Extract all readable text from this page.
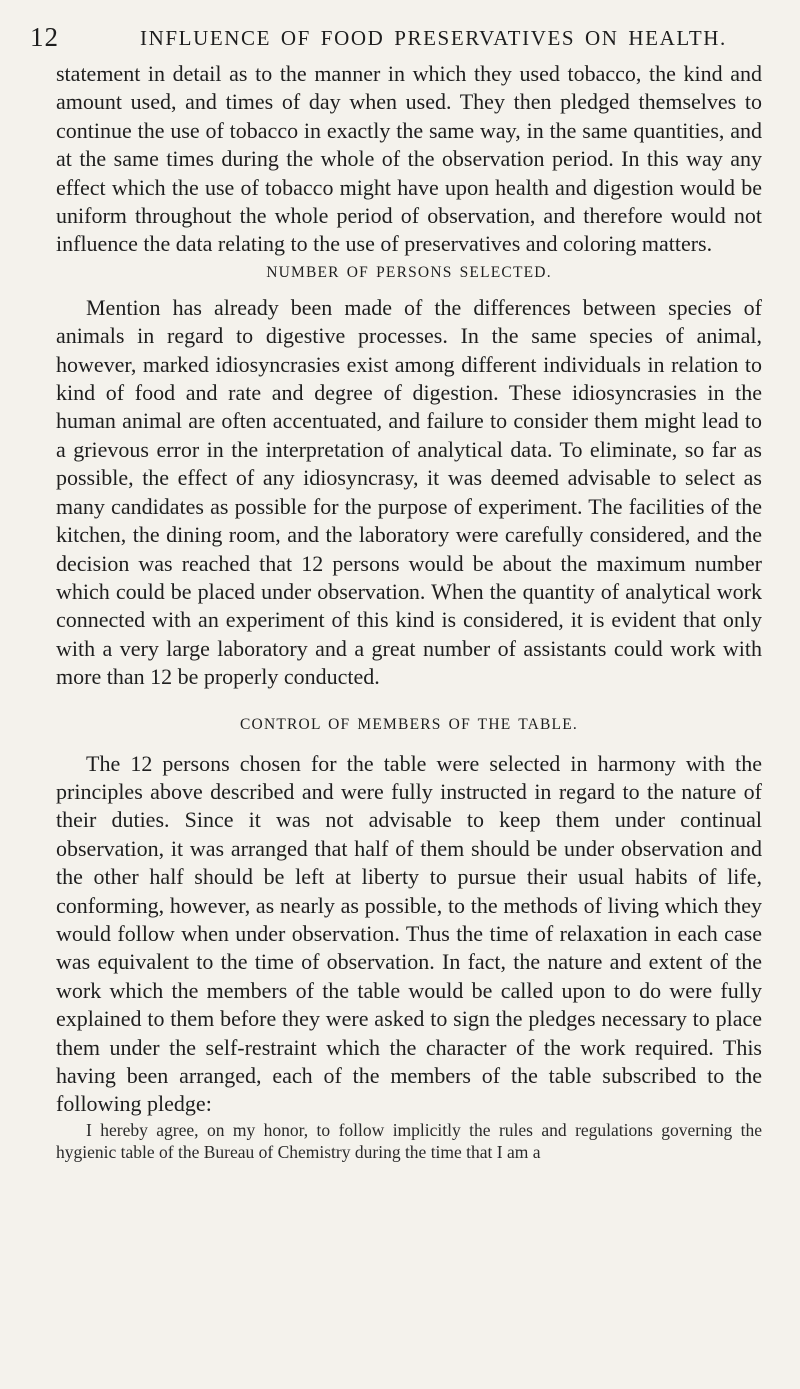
12	INFLUENCE OF FOOD PRESERVATIVES ON HEALTH.

statement in detail as to the manner in which they used tobacco, the kind and amount used, and times of day when used. They then pledged themselves to continue the use of tobacco in exactly the same way, in the same quantities, and at the same times during the whole of the observation period. In this way any effect which the use of tobacco might have upon health and digestion would be uniform throughout the whole period of observation, and therefore would not influence the data relating to the use of preservatives and coloring matters.

NUMBER OF PERSONS SELECTED.

Mention has already been made of the differences between species of animals in regard to digestive processes. In the same species of animal, however, marked idiosyncrasies exist among different individuals in relation to kind of food and rate and degree of digestion. These idiosyncrasies in the human animal are often accentuated, and failure to consider them might lead to a grievous error in the interpretation of analytical data. To eliminate, so far as possible, the effect of any idiosyncrasy, it was deemed advisable to select as many candidates as possible for the purpose of experiment. The facilities of the kitchen, the dining room, and the laboratory were carefully considered, and the decision was reached that 12 persons would be about the maximum number which could be placed under observation. When the quantity of analytical work connected with an experiment of this kind is considered, it is evident that only with a very large laboratory and a great number of assistants could work with more than 12 be properly conducted.

CONTROL OF MEMBERS OF THE TABLE.

The 12 persons chosen for the table were selected in harmony with the principles above described and were fully instructed in regard to the nature of their duties. Since it was not advisable to keep them under continual observation, it was arranged that half of them should be under observation and the other half should be left at liberty to pursue their usual habits of life, conforming, however, as nearly as possible, to the methods of living which they would follow when under observation. Thus the time of relaxation in each case was equivalent to the time of observation. In fact, the nature and extent of the work which the members of the table would be called upon to do were fully explained to them before they were asked to sign the pledges necessary to place them under the self-restraint which the character of the work required. This having been arranged, each of the members of the table subscribed to the following pledge:

I hereby agree, on my honor, to follow implicitly the rules and regulations governing the hygienic table of the Bureau of Chemistry during the time that I am a
